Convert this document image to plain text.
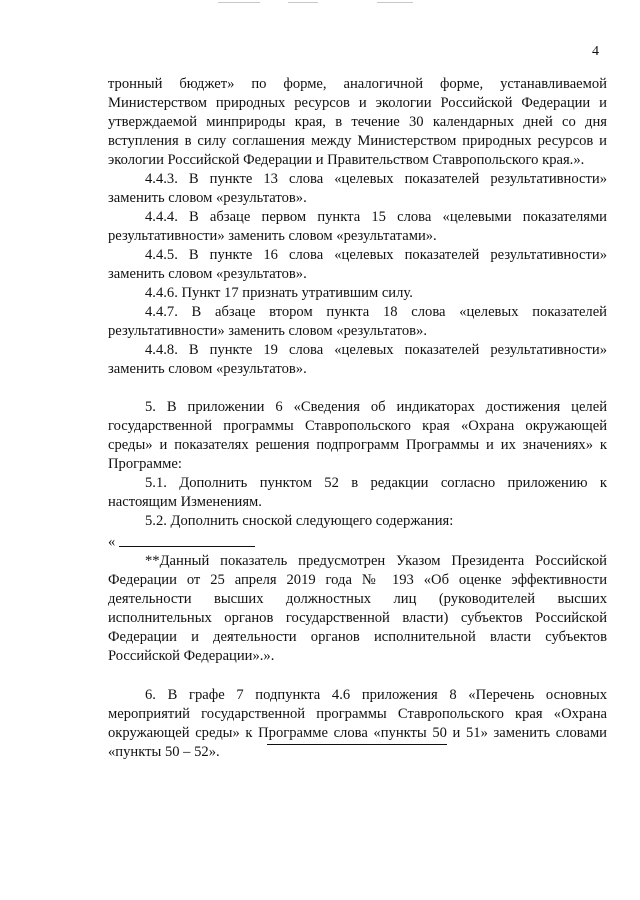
4

тронный бюджет» по форме, аналогичной форме, устанавливаемой Министерством природных ресурсов и экологии Российской Федерации и утверждаемой минприроды края, в течение 30 календарных дней со дня вступления в силу соглашения между Министерством природных ресурсов и экологии Российской Федерации и Правительством Ставропольского края.».

4.4.3. В пункте 13 слова «целевых показателей результативности» заменить словом «результатов».

4.4.4. В абзаце первом пункта 15 слова «целевыми показателями результативности» заменить словом «результатами».

4.4.5. В пункте 16 слова «целевых показателей результативности» заменить словом «результатов».

4.4.6. Пункт 17 признать утратившим силу.

4.4.7. В абзаце втором пункта 18 слова «целевых показателей результативности» заменить словом «результатов».

4.4.8. В пункте 19 слова «целевых показателей результативности» заменить словом «результатов».

5. В приложении 6 «Сведения об индикаторах достижения целей государственной программы Ставропольского края «Охрана окружающей среды» и показателях решения подпрограмм Программы и их значениях» к Программе:

5.1. Дополнить пунктом 52 в редакции согласно приложению к настоящим Изменениям.

5.2. Дополнить сноской следующего содержания:

«

**Данный показатель предусмотрен Указом Президента Российской Федерации от 25 апреля 2019 года № 193 «Об оценке эффективности деятельности высших должностных лиц (руководителей высших исполнительных органов государственной власти) субъектов Российской Федерации и деятельности органов исполнительной власти субъектов Российской Федерации».».

6. В графе 7 подпункта 4.6 приложения 8 «Перечень основных мероприятий государственной программы Ставропольского края «Охрана окружающей среды» к Программе слова «пункты 50 и 51» заменить словами «пункты 50 – 52».
